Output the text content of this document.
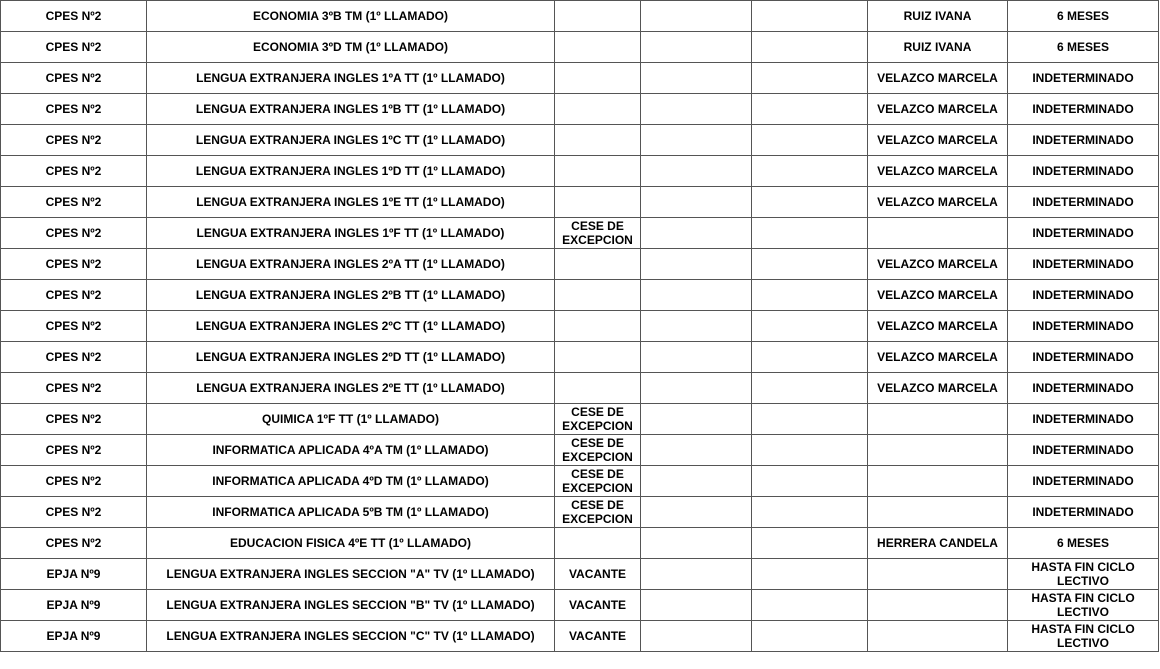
CPES Nº2	ECONOMIA 3ºB TM (1º LLAMADO)				RUIZ IVANA	6 MESES
CPES Nº2	ECONOMIA 3ºD TM (1º LLAMADO)				RUIZ IVANA	6 MESES
CPES Nº2	LENGUA EXTRANJERA INGLES 1ºA TT (1º LLAMADO)				VELAZCO MARCELA	INDETERMINADO
CPES Nº2	LENGUA EXTRANJERA INGLES 1ºB TT (1º LLAMADO)				VELAZCO MARCELA	INDETERMINADO
CPES Nº2	LENGUA EXTRANJERA INGLES 1ºC TT (1º LLAMADO)				VELAZCO MARCELA	INDETERMINADO
CPES Nº2	LENGUA EXTRANJERA INGLES 1ºD TT (1º LLAMADO)				VELAZCO MARCELA	INDETERMINADO
CPES Nº2	LENGUA EXTRANJERA INGLES 1ºE TT (1º LLAMADO)				VELAZCO MARCELA	INDETERMINADO
CPES Nº2	LENGUA EXTRANJERA INGLES 1ºF TT (1º LLAMADO)	CESE DE EXCEPCION				INDETERMINADO
CPES Nº2	LENGUA EXTRANJERA INGLES 2ºA TT (1º LLAMADO)				VELAZCO MARCELA	INDETERMINADO
CPES Nº2	LENGUA EXTRANJERA INGLES 2ºB TT (1º LLAMADO)				VELAZCO MARCELA	INDETERMINADO
CPES Nº2	LENGUA EXTRANJERA INGLES 2ºC TT (1º LLAMADO)				VELAZCO MARCELA	INDETERMINADO
CPES Nº2	LENGUA EXTRANJERA INGLES 2ºD TT (1º LLAMADO)				VELAZCO MARCELA	INDETERMINADO
CPES Nº2	LENGUA EXTRANJERA INGLES 2ºE TT (1º LLAMADO)				VELAZCO MARCELA	INDETERMINADO
CPES Nº2	QUIMICA 1ºF TT (1º LLAMADO)	CESE DE EXCEPCION				INDETERMINADO
CPES Nº2	INFORMATICA APLICADA 4ºA TM (1º LLAMADO)	CESE DE EXCEPCION				INDETERMINADO
CPES Nº2	INFORMATICA APLICADA 4ºD TM (1º LLAMADO)	CESE DE EXCEPCION				INDETERMINADO
CPES Nº2	INFORMATICA APLICADA 5ºB TM (1º LLAMADO)	CESE DE EXCEPCION				INDETERMINADO
CPES Nº2	EDUCACION FISICA 4ºE TT (1º LLAMADO)				HERRERA CANDELA	6 MESES
EPJA Nº9	LENGUA EXTRANJERA INGLES SECCION "A" TV (1º LLAMADO)	VACANTE				HASTA FIN CICLO LECTIVO
EPJA Nº9	LENGUA EXTRANJERA INGLES SECCION "B" TV (1º LLAMADO)	VACANTE				HASTA FIN CICLO LECTIVO
EPJA Nº9	LENGUA EXTRANJERA INGLES SECCION "C" TV (1º LLAMADO)	VACANTE				HASTA FIN CICLO LECTIVO
